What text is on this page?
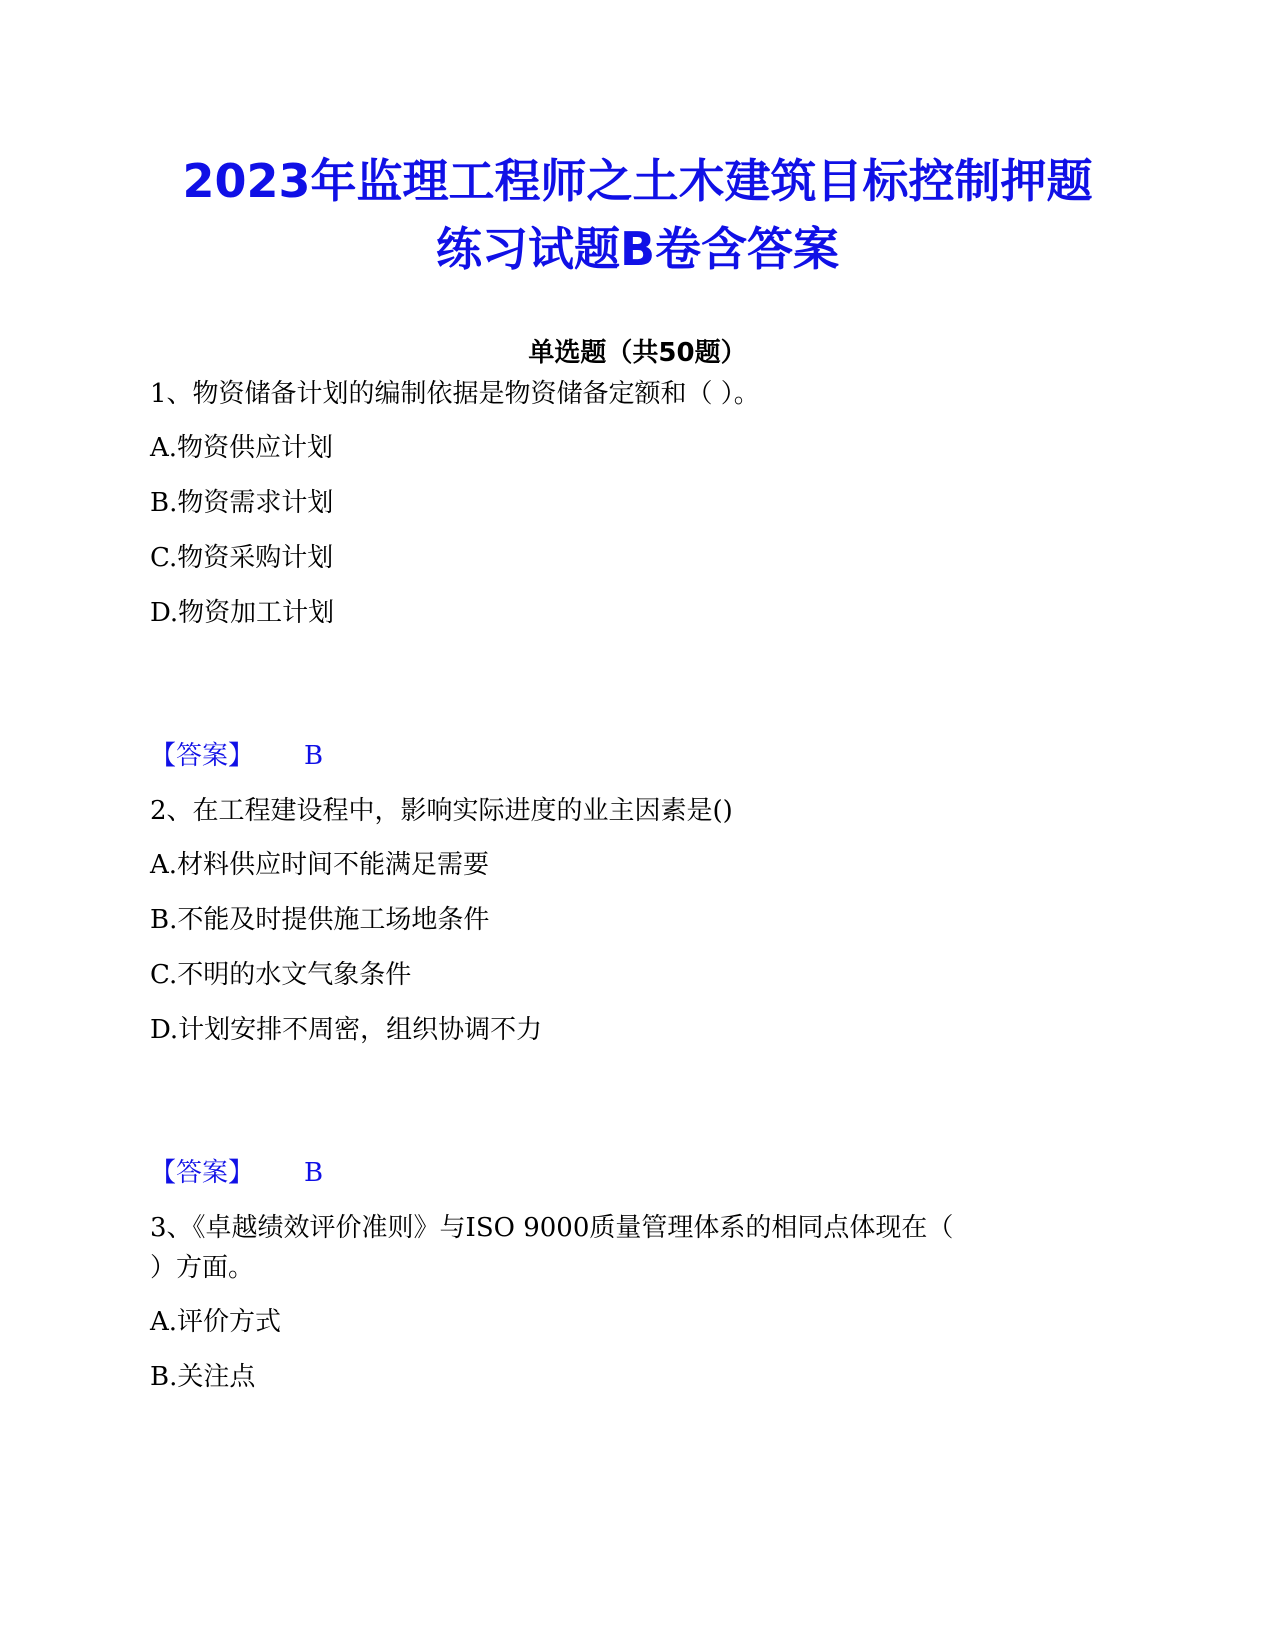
2023年监理工程师之土木建筑目标控制押题
练习试题B卷含答案
单选题（共50题）

1、物资储备计划的编制依据是物资储备定额和（ ）。

A.物资供应计划

B.物资需求计划

C.物资采购计划

D.物资加工计划

【答案】 B

2、在工程建设程中，影响实际进度的业主因素是()

A.材料供应时间不能满足需要

B.不能及时提供施工场地条件

C.不明的水文气象条件

D.计划安排不周密，组织协调不力

【答案】 B

3、《卓越绩效评价准则》与ISO 9000质量管理体系的相同点体现在（

）方面。

A.评价方式

B.关注点
